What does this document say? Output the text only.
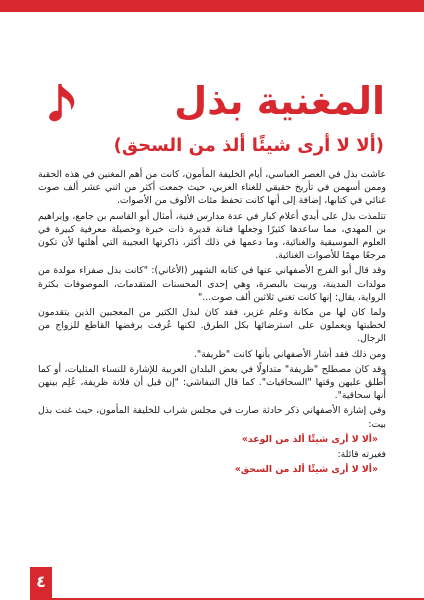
المغنية بذل

(ألا لا أرى شيئًا ألذ من السحق)

عاشت بذل في العصر العباسي، أيام الخليفة المأمون، كانت من أهم المغنين في هذه الحقبة وممن أسهمن في تأريخ حقيقي للغناء العربي، حيث جمعت أكثر من اثني عشر ألف صوت غنائي في كتابها، إضافة إلى أنها كانت تحفظ مئات الألوف من الأصوات.

تتلمذت بذل على أيدي أعلام كبار في عدة مدارس فنية، أمثال أبو القاسم بن جامع، وإبراهيم بن المهدي، مما ساعدها كثيرًا وجعلها فنانة قديرة ذات خبرة وحصيلة معرفية كبيرة في العلوم الموسيقية والغنائية، وما دعمها في ذلك أكثر، ذاكرتها العجيبة التي أهلتها لأن تكون مرجعًا مهمًا للأصوات الغنائية.

وقد قال أبو الفرج الأصفهاني عنها في كتابه الشهير (الأغاني): "كانت بذل صفراء مولدة من مولدات المدينة، وربيت بالبصرة، وهي إحدى المحسنات المتقدمات، الموصوفات بكثرة الرواية، يقال: إنها كانت تغني ثلاثين ألف صوت..."

ولما كان لها من مكانة وعلم غزير، فقد كان لبذل الكثير من المعجبين الذين يتقدمون لخطبتها ويعملون على استرضائها بكل الطرق. لكنها عُرفت برفضها القاطع للزواج من الرجال.

ومن ذلك فقد أشار الأصفهاني بأنها كانت "ظريفة".

وقد كان مصطلح "ظريفة" متداولًا في بعض البلدان العربية للإشارة للنساء المثليات، أو كما أُطلق عليهن وقتها "السحاقيات". كما قال التيفاشي: "إن قيل أن فلانة ظريفة، عُلِم بينهن أنها سحاقية".

وفي إشارة الأصفهاني ذكر حادثة صارت في مجلس شراب للخليفة المأمون، حيث غنت بذل بيت:

«ألا لا أرى شيئًا ألذ من الوعد»

فغيرته قائلة:

«ألا لا أرى شيئًا ألذ من السحق»

٤
